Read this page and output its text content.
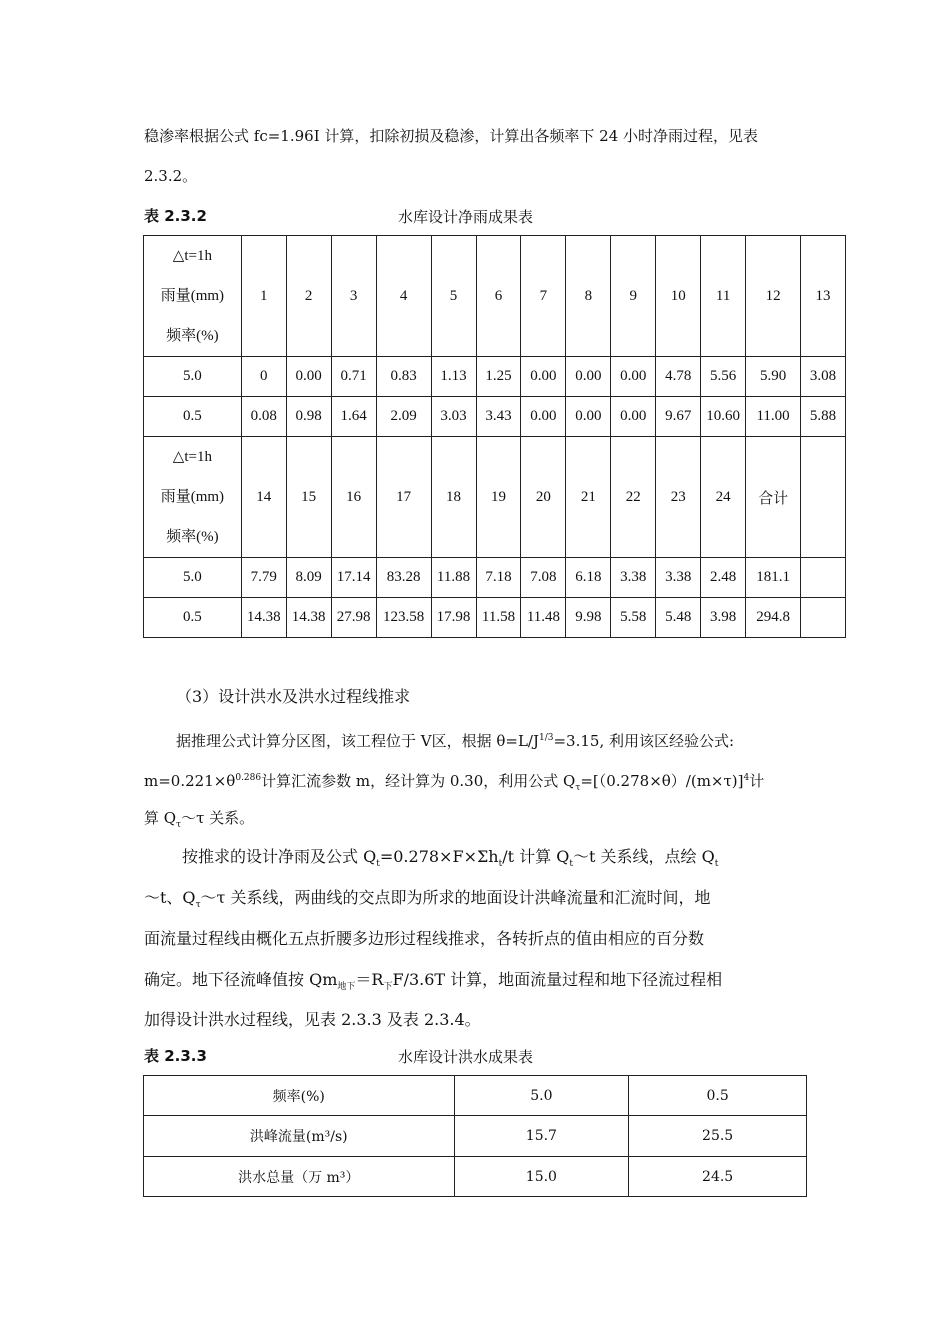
稳渗率根据公式 fc=1.96I 计算，扣除初损及稳渗，计算出各频率下 24 小时净雨过程，见表
2.3.2。
表 2.3.2	水库设计净雨成果表
△t=1h
雨量(mm)
频率(%)	1	2	3	4	5	6	7	8	9	10	11	12	13
5.0	0	0.00	0.71	0.83	1.13	1.25	0.00	0.00	0.00	4.78	5.56	5.90	3.08
0.5	0.08	0.98	1.64	2.09	3.03	3.43	0.00	0.00	0.00	9.67	10.60	11.00	5.88

△t=1h
雨量(mm)
频率(%)	14	15	16	17	18	19	20	21	22	23	24	合计	
5.0	7.79	8.09	17.14	83.28	11.88	7.18	7.08	6.18	3.38	3.38	2.48	181.1	
0.5	14.38	14.38	27.98	123.58	17.98	11.58	11.48	9.98	5.58	5.48	3.98	294.8	
（3）设计洪水及洪水过程线推求
据推理公式计算分区图，该工程位于 Ⅴ区，根据 $\theta=L/J^{1/3}=3.15$, 利用该区经验公式:
$m=0.221\times\theta^{0.286}$计算汇流参数 m，经计算为 0.30，利用公式 $Q_\tau=[(0.278\times\theta)/(m\times\tau)]^4$计
算 $Q_\tau\sim\tau$ 关系。
按推求的设计净雨及公式 $Q_t=0.278\times F\times\Sigma h_t/t$ 计算 $Q_t\sim t$ 关系线，点绘 $Q_t$
～t、$Q_\tau\sim\tau$ 关系线，两曲线的交点即为所求的地面设计洪峰流量和汇流时间，地
面流量过程线由概化五点折腰多边形过程线推求，各转折点的值由相应的百分数
确定。地下径流峰值按 $Qm_{地下}=R_下F/3.6T$ 计算，地面流量过程和地下径流过程相
加得设计洪水过程线，见表 2.3.3 及表 2.3.4。
表 2.3.3	水库设计洪水成果表
频率(%)	5.0	0.5
洪峰流量(m³/s)	15.7	25.5
洪水总量（万 m³）	15.0	24.5
